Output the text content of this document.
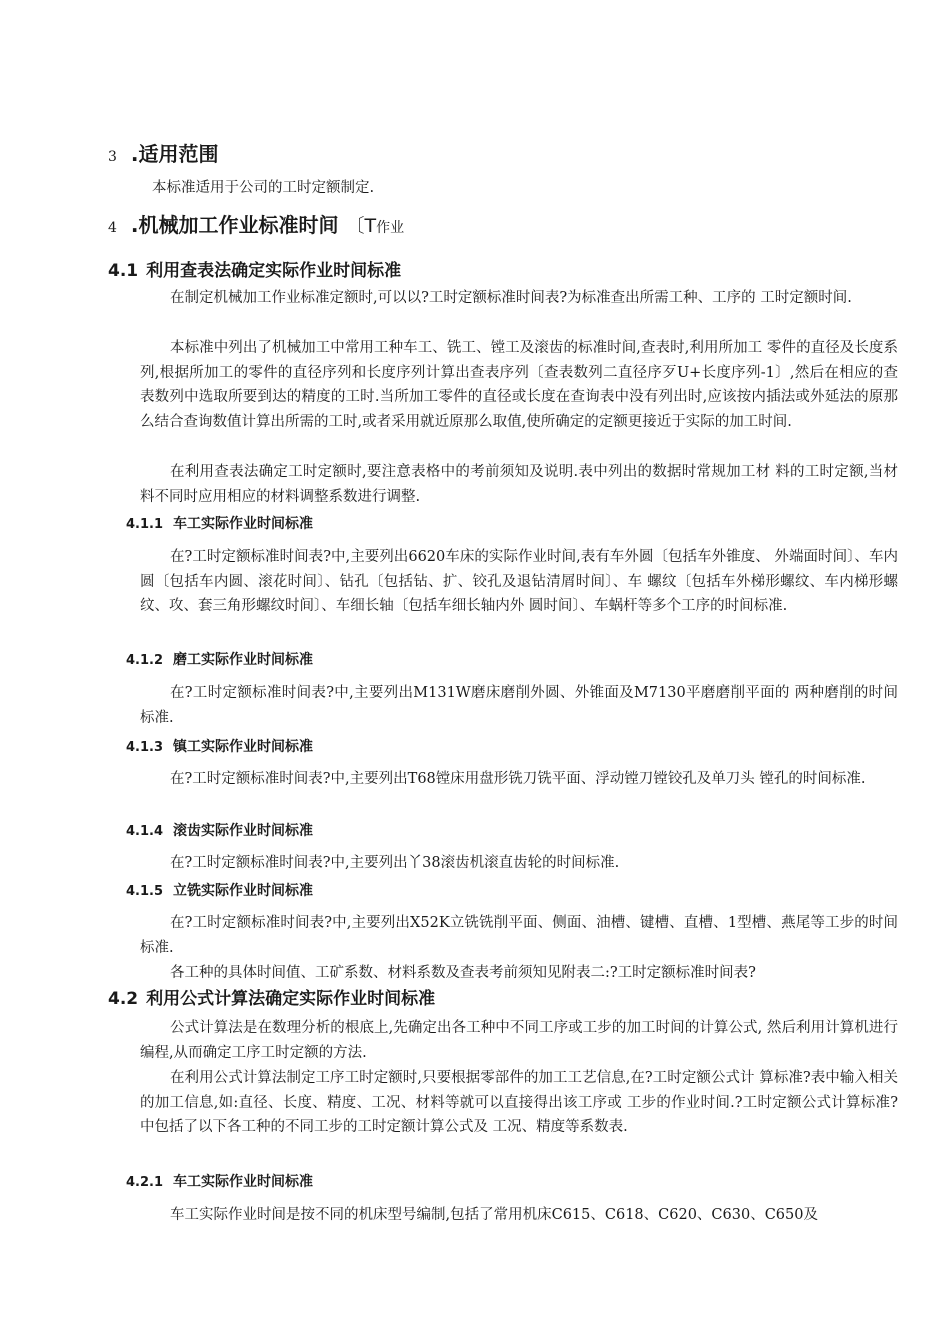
3 .适用范围
本标准适用于公司的工时定额制定.
4 .机械加工作业标准时间 〔T作业
4.1 利用查表法确定实际作业时间标准
在制定机械加工作业标准定额时,可以以?工时定额标准时间表?为标准查出所需工种、工序的 工时定额时间.
本标准中列出了机械加工中常用工种车工、铣工、镗工及滚齿的标准时间,查表时,利用所加工 零件的直径及长度系列,根据所加工的零件的直径序列和长度序列计算出查表序列〔查表数列二直径序歹U+长度序列-1〕,然后在相应的查表数列中选取所要到达的精度的工时.当所加工零件的直径或长度在查询表中没有列出时,应该按内插法或外延法的原那么结合查询数值计算出所需的工时,或者采用就近原那么取值,使所确定的定额更接近于实际的加工时间.
在利用查表法确定工时定额时,要注意表格中的考前须知及说明.表中列出的数据时常规加工材 料的工时定额,当材料不同时应用相应的材料调整系数进行调整.
4.1.1 车工实际作业时间标准
在?工时定额标准时间表?中,主要列出6620车床的实际作业时间,表有车外圆〔包括车外锥度、 外端面时间〕、车内圆〔包括车内圆、滚花时间〕、钻孔〔包括钻、扩、铰孔及退钻清屑时间〕、车 螺纹〔包括车外梯形螺纹、车内梯形螺纹、攻、套三角形螺纹时间〕、车细长轴〔包括车细长轴内外 圆时间〕、车蜗杆等多个工序的时间标准.
4.1.2 磨工实际作业时间标准
在?工时定额标准时间表?中,主要列出M131W磨床磨削外圆、外锥面及M7130平磨磨削平面的 两种磨削的时间标准.
4.1.3 镇工实际作业时间标准
在?工时定额标准时间表?中,主要列出T68镗床用盘形铣刀铣平面、浮动镗刀镗铰孔及单刀头 镗孔的时间标准.
4.1.4 滚齿实际作业时间标准
在?工时定额标准时间表?中,主要列出丫38滚齿机滚直齿轮的时间标准.
4.1.5 立铣实际作业时间标准
在?工时定额标准时间表?中,主要列出X52K立铣铣削平面、侧面、油槽、键槽、直槽、1型槽、燕尾等工步的时间标准.
各工种的具体时间值、工矿系数、材料系数及查表考前须知见附表二:?工时定额标准时间表?
4.2 利用公式计算法确定实际作业时间标准
公式计算法是在数理分析的根底上,先确定出各工种中不同工序或工步的加工时间的计算公式, 然后利用计算机进行编程,从而确定工序工时定额的方法.
在利用公式计算法制定工序工时定额时,只要根据零部件的加工工艺信息,在?工时定额公式计 算标准?表中输入相关的加工信息,如:直径、长度、精度、工况、材料等就可以直接得出该工序或 工步的作业时间.?工时定额公式计算标准?中包括了以下各工种的不同工步的工时定额计算公式及 工况、精度等系数表.
4.2.1 车工实际作业时间标准
车工实际作业时间是按不同的机床型号编制,包括了常用机床C615、C618、C620、C630、C650及
